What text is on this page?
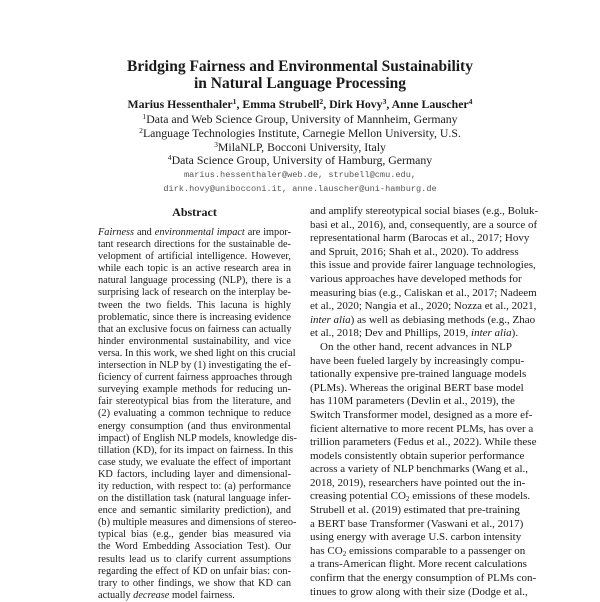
Bridging Fairness and Environmental Sustainability
in Natural Language Processing
Marius Hessenthaler$^1$, Emma Strubell$^2$, Dirk Hovy$^3$, Anne Lauscher$^4$
$^1$Data and Web Science Group, University of Mannheim, Germany
$^2$Language Technologies Institute, Carnegie Mellon University, U.S.
$^3$MilaNLP, Bocconi University, Italy
$^4$Data Science Group, University of Hamburg, Germany
marius.hessenthaler@web.de, strubell@cmu.edu,
dirk.hovy@unibocconi.it, anne.lauscher@uni-hamburg.de
Abstract
Fairness and environmental impact are impor-
tant research directions for the sustainable de-
velopment of artificial intelligence. However,
while each topic is an active research area in
natural language processing (NLP), there is a
surprising lack of research on the interplay be-
tween the two fields. This lacuna is highly
problematic, since there is increasing evidence
that an exclusive focus on fairness can actually
hinder environmental sustainability, and vice
versa. In this work, we shed light on this crucial
intersection in NLP by (1) investigating the ef-
ficiency of current fairness approaches through
surveying example methods for reducing un-
fair stereotypical bias from the literature, and
(2) evaluating a common technique to reduce
energy consumption (and thus environmental
impact) of English NLP models, knowledge dis-
tillation (KD), for its impact on fairness. In this
case study, we evaluate the effect of important
KD factors, including layer and dimensional-
ity reduction, with respect to: (a) performance
on the distillation task (natural language infer-
ence and semantic similarity prediction), and
(b) multiple measures and dimensions of stereo-
typical bias (e.g., gender bias measured via
the Word Embedding Association Test). Our
results lead us to clarify current assumptions
regarding the effect of KD on unfair bias: con-
trary to other findings, we show that KD can
actually decrease model fairness.
and amplify stereotypical social biases (e.g., Boluk-
basi et al., 2016), and, consequently, are a source of
representational harm (Barocas et al., 2017; Hovy
and Spruit, 2016; Shah et al., 2020). To address
this issue and provide fairer language technologies,
various approaches have developed methods for
measuring bias (e.g., Caliskan et al., 2017; Nadeem
et al., 2020; Nangia et al., 2020; Nozza et al., 2021,
inter alia) as well as debiasing methods (e.g., Zhao
et al., 2018; Dev and Phillips, 2019, inter alia).
On the other hand, recent advances in NLP
have been fueled largely by increasingly compu-
tationally expensive pre-trained language models
(PLMs). Whereas the original BERT base model
has 110M parameters (Devlin et al., 2019), the
Switch Transformer model, designed as a more ef-
ficient alternative to more recent PLMs, has over a
trillion parameters (Fedus et al., 2022). While these
models consistently obtain superior performance
across a variety of NLP benchmarks (Wang et al.,
2018, 2019), researchers have pointed out the in-
creasing potential $CO_2$ emissions of these models.
Strubell et al. (2019) estimated that pre-training
a BERT base Transformer (Vaswani et al., 2017)
using energy with average U.S. carbon intensity
has $CO_2$ emissions comparable to a passenger on
a trans-American flight. More recent calculations
confirm that the energy consumption of PLMs con-
tinues to grow along with their size (Dodge et al.,
